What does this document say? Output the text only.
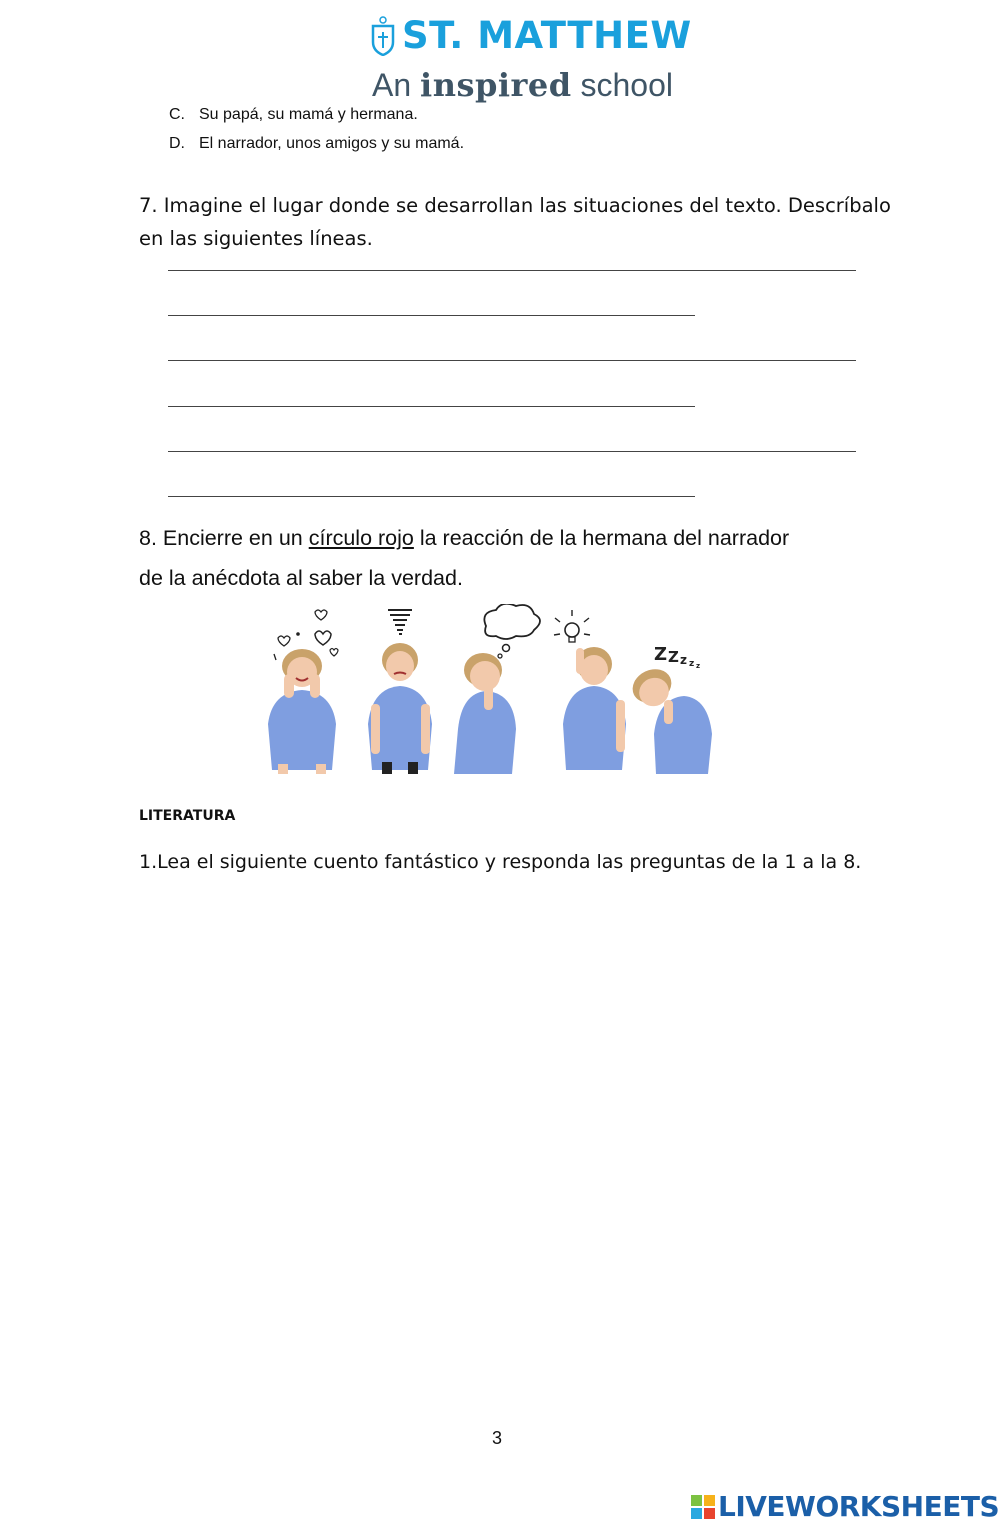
ST. MATTHEW
An inspired school
C. Su papá, su mamá y hermana.
D. El narrador, unos amigos y su mamá.
7. Imagine el lugar donde se desarrollan las situaciones del texto. Descríbalo
en las siguientes líneas.
8. Encierre en un círculo rojo la reacción de la hermana del narrador
de la anécdota al saber la verdad.
Z Z z z z
LITERATURA
1.Lea el siguiente cuento fantástico y responda las preguntas de la 1 a la 8.
3
LIVEWORKSHEETS
